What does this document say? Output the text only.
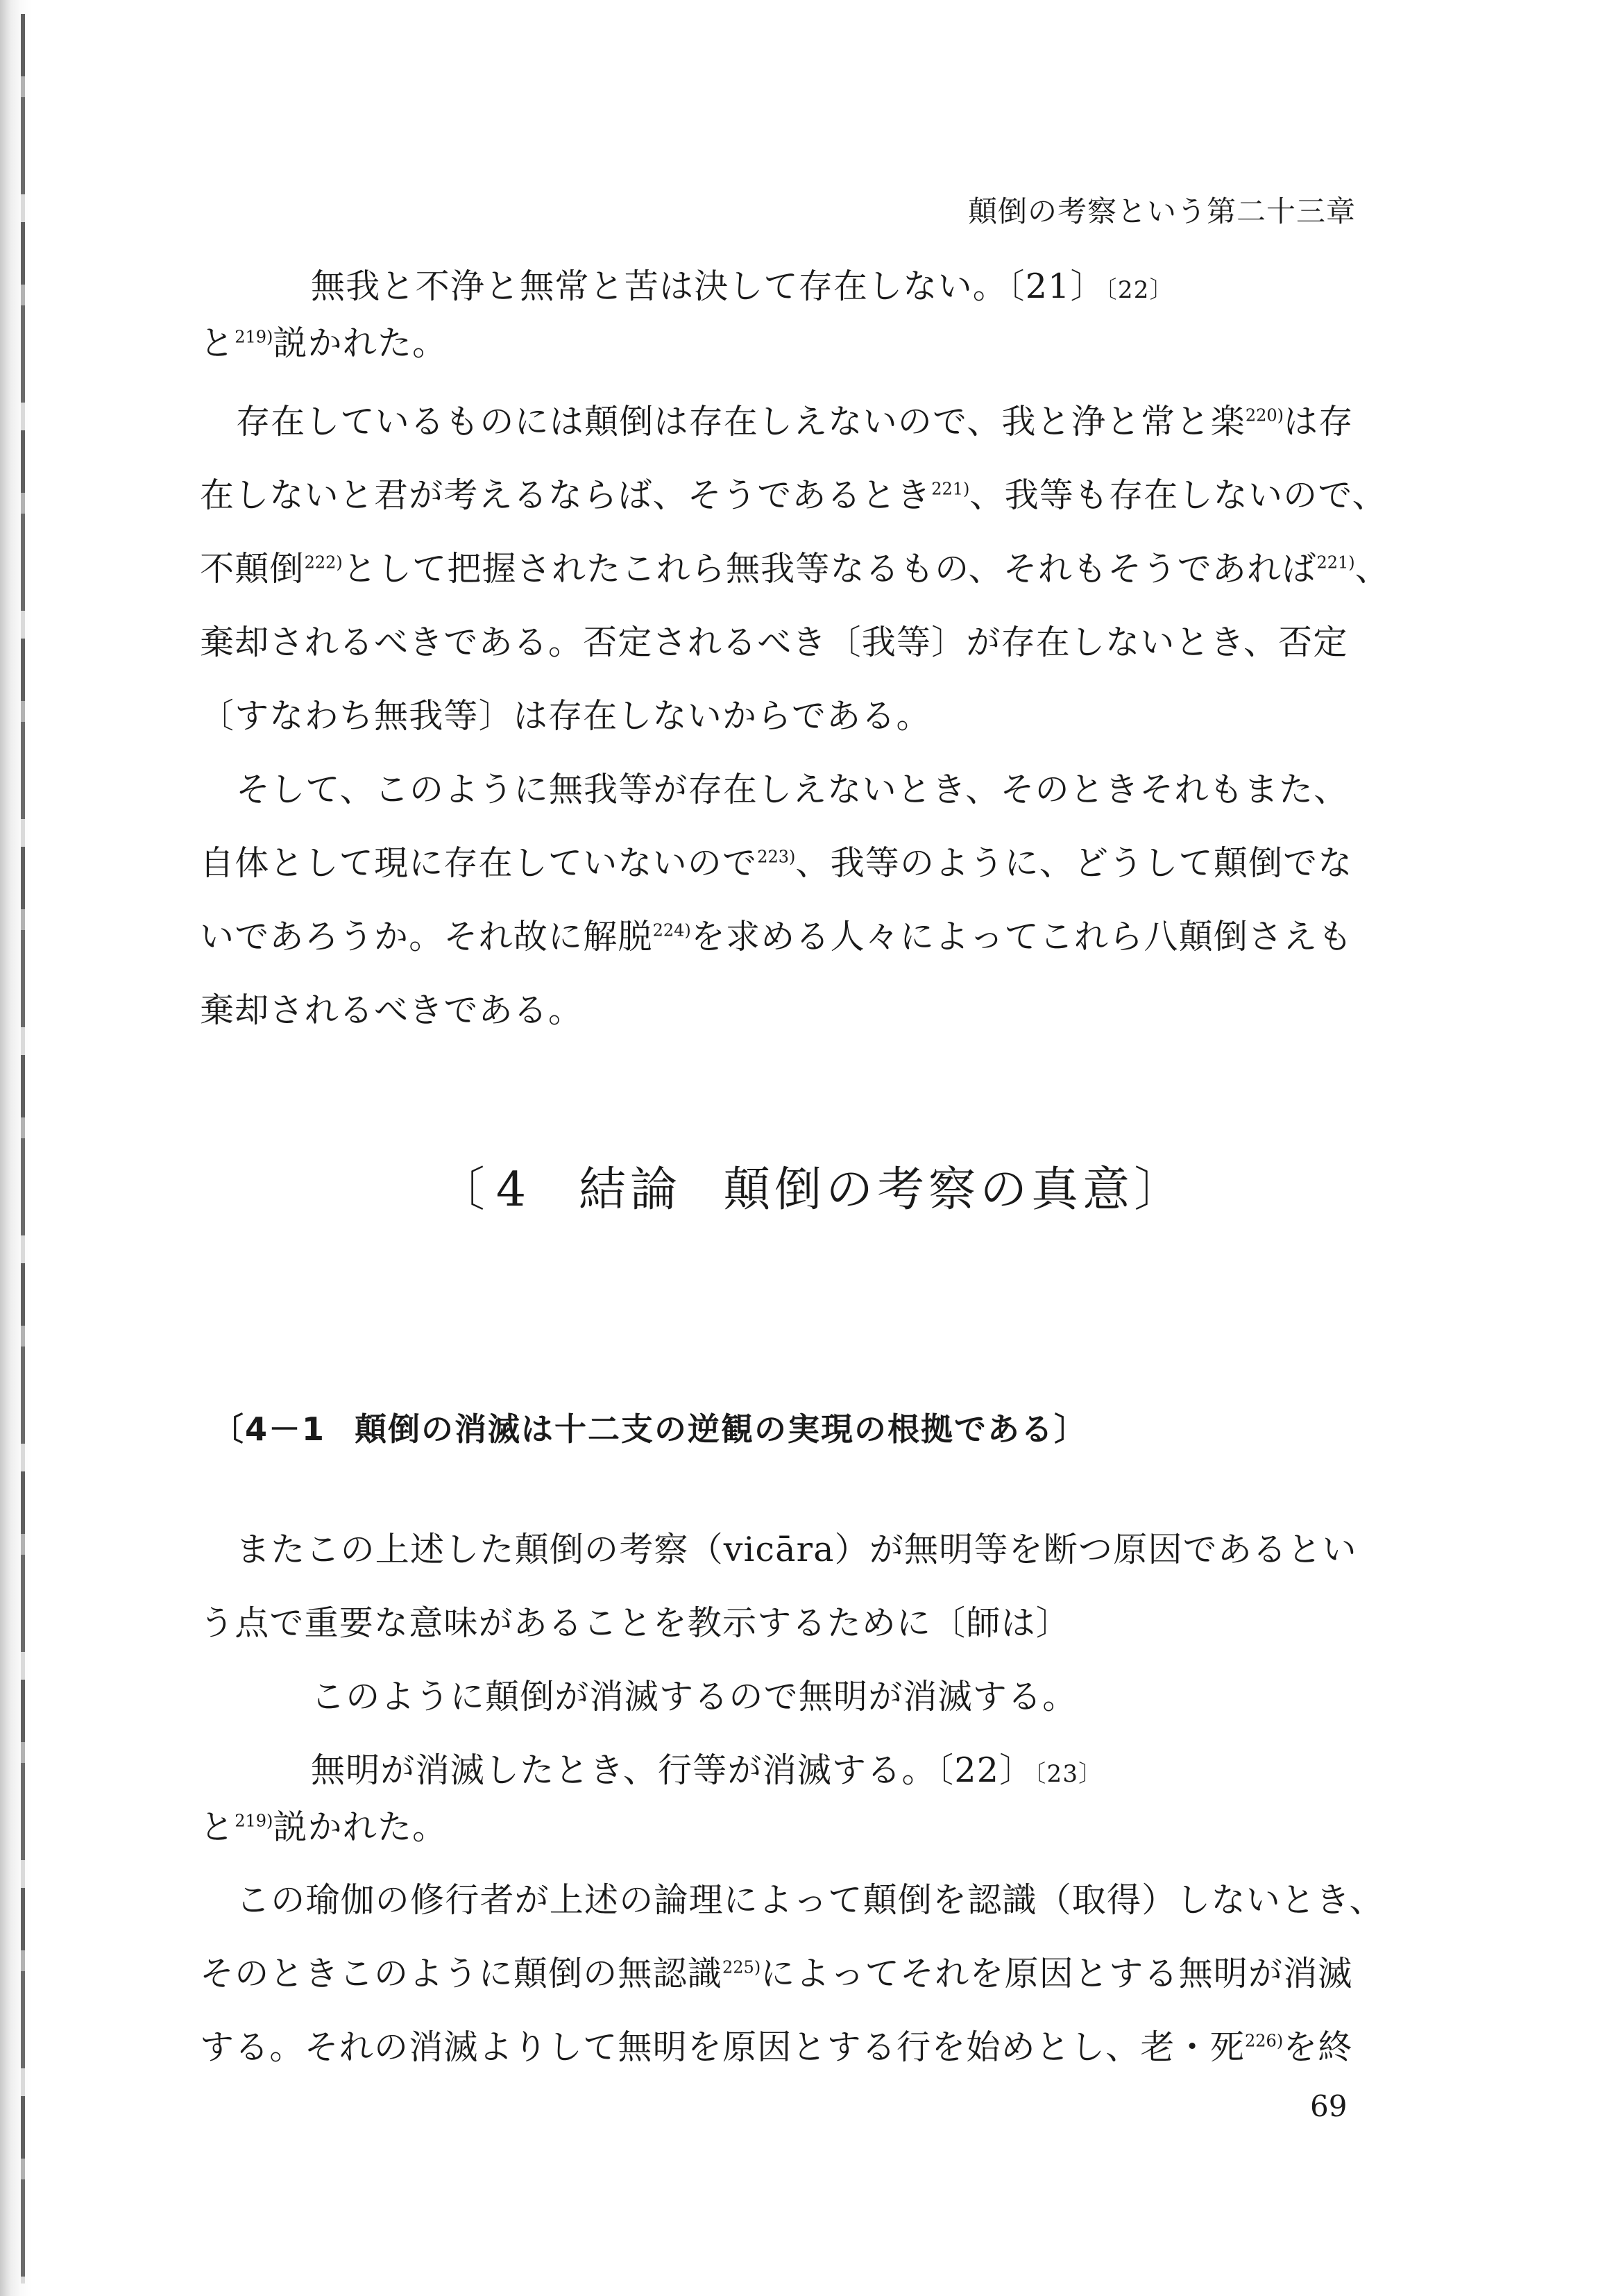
顛倒の考察という第二十三章
無我と不浄と無常と苦は決して存在しない。〔21〕〔22〕
と$^{219)}$説かれた。
存在しているものには顛倒は存在しえないので、我と浄と常と楽$^{220)}$は存
在しないと君が考えるならば、そうであるとき$^{221)}$、我等も存在しないので、
不顛倒$^{222)}$として把握されたこれら無我等なるもの、それもそうであれば$^{221)}$、
棄却されるべきである。否定されるべき〔我等〕が存在しないとき、否定
〔すなわち無我等〕は存在しないからである。
そして、このように無我等が存在しえないとき、そのときそれもまた、
自体として現に存在していないので$^{223)}$、我等のように、どうして顛倒でな
いであろうか。それ故に解脱$^{224)}$を求める人々によってこれら八顛倒さえも
棄却されるべきである。
〔 4 結論 顛倒の考察の真意〕
〔4－1 顛倒の消滅は十二支の逆観の実現の根拠である〕
またこの上述した顛倒の考察（vicāra）が無明等を断つ原因であるとい
う点で重要な意味があることを教示するために〔師は〕
このように顛倒が消滅するので無明が消滅する。
無明が消滅したとき、行等が消滅する。〔22〕〔23〕
と$^{219)}$説かれた。
この瑜伽の修行者が上述の論理によって顛倒を認識（取得）しないとき、
そのときこのように顛倒の無認識$^{225)}$によってそれを原因とする無明が消滅
する。それの消滅よりして無明を原因とする行を始めとし、老・死$^{226)}$を終
69
